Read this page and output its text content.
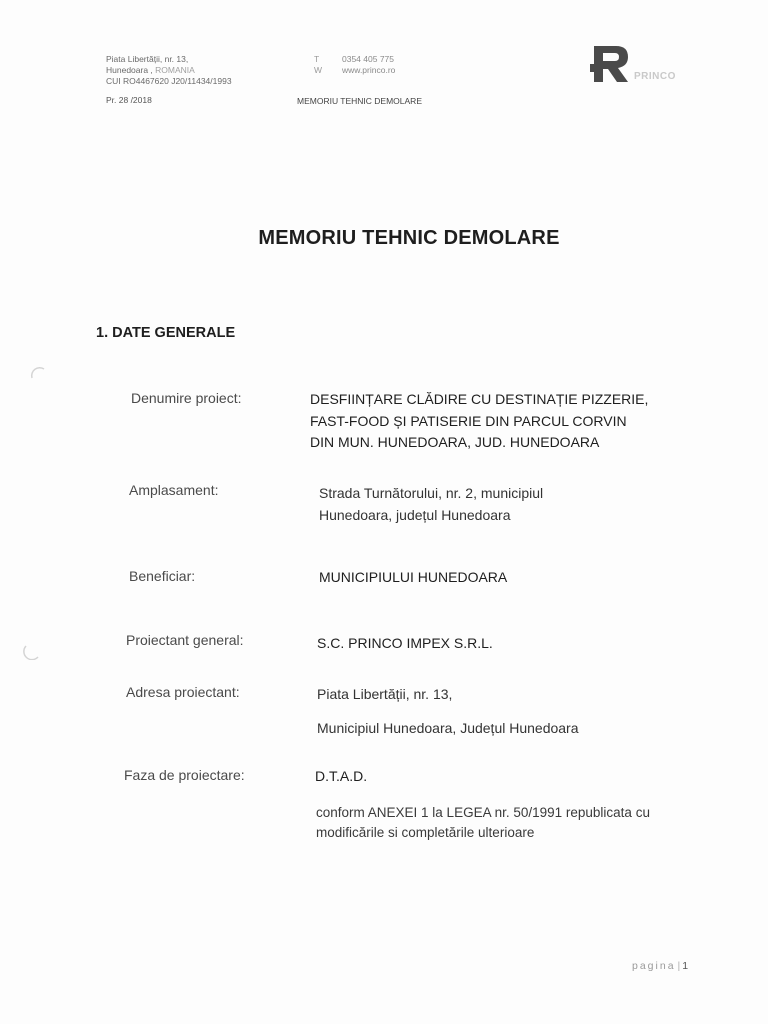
Piata Libertății, nr. 13,
Hunedoara , ROMANIA
CUI RO4467620 J20/11434/1993
T	0354 405 775
W	www.princo.ro
Pr. 28 /2018	MEMORIU TEHNIC DEMOLARE
PRINCO
MEMORIU TEHNIC DEMOLARE
1. DATE GENERALE
Denumire proiect:	DESFIINȚARE CLĂDIRE CU DESTINAȚIE PIZZERIE, FAST-FOOD ȘI PATISERIE DIN PARCUL CORVIN DIN MUN. HUNEDOARA, JUD. HUNEDOARA
Amplasament:	Strada Turnătorului, nr. 2, municipiul Hunedoara, județul Hunedoara
Beneficiar:	MUNICIPIULUI HUNEDOARA
Proiectant general:	S.C. PRINCO IMPEX S.R.L.
Adresa proiectant:	Piata Libertății, nr. 13,
Municipiul Hunedoara, Județul Hunedoara
Faza de proiectare:	D.T.A.D.
conform ANEXEI 1 la LEGEA nr. 50/1991 republicata cu modificările si completările ulterioare
pagina | 1
